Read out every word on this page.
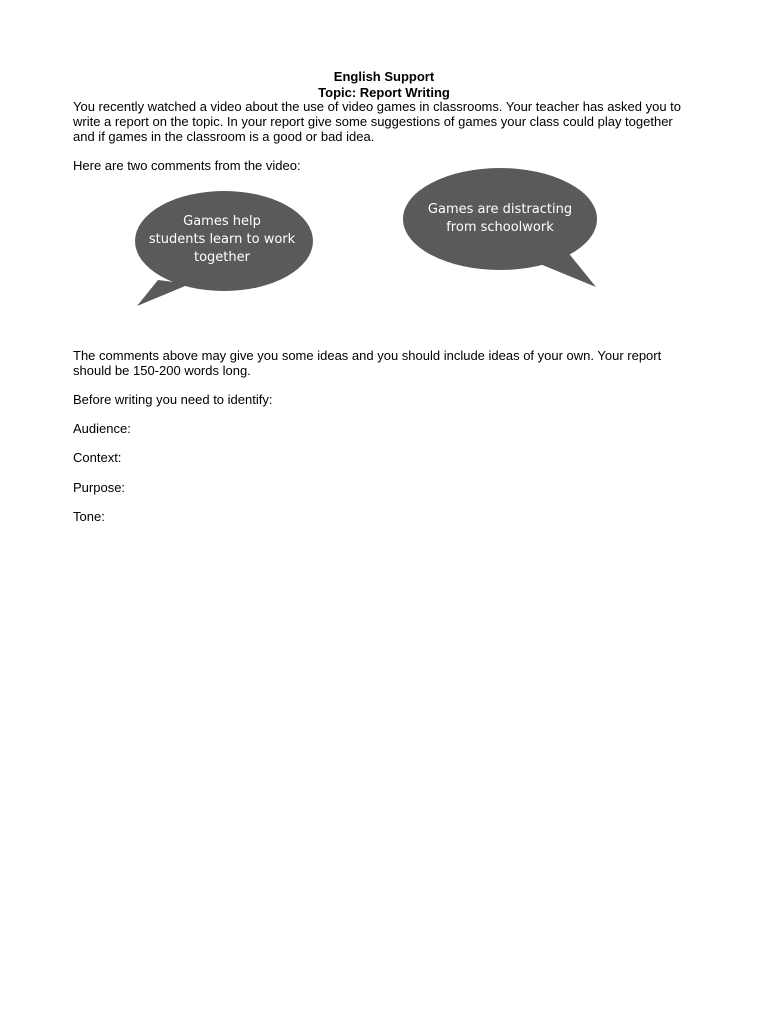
English Support
Topic: Report Writing

You recently watched a video about the use of video games in classrooms. Your teacher has asked you to write a report on the topic. In your report give some suggestions of games your class could play together and if games in the classroom is a good or bad idea.

Here are two comments from the video:

Games help
students learn to work
together
Games are distracting
from schoolwork

The comments above may give you some ideas and you should include ideas of your own. Your report should be 150-200 words long.

Before writing you need to identify:

Audience:
Context:
Purpose:
Tone:
